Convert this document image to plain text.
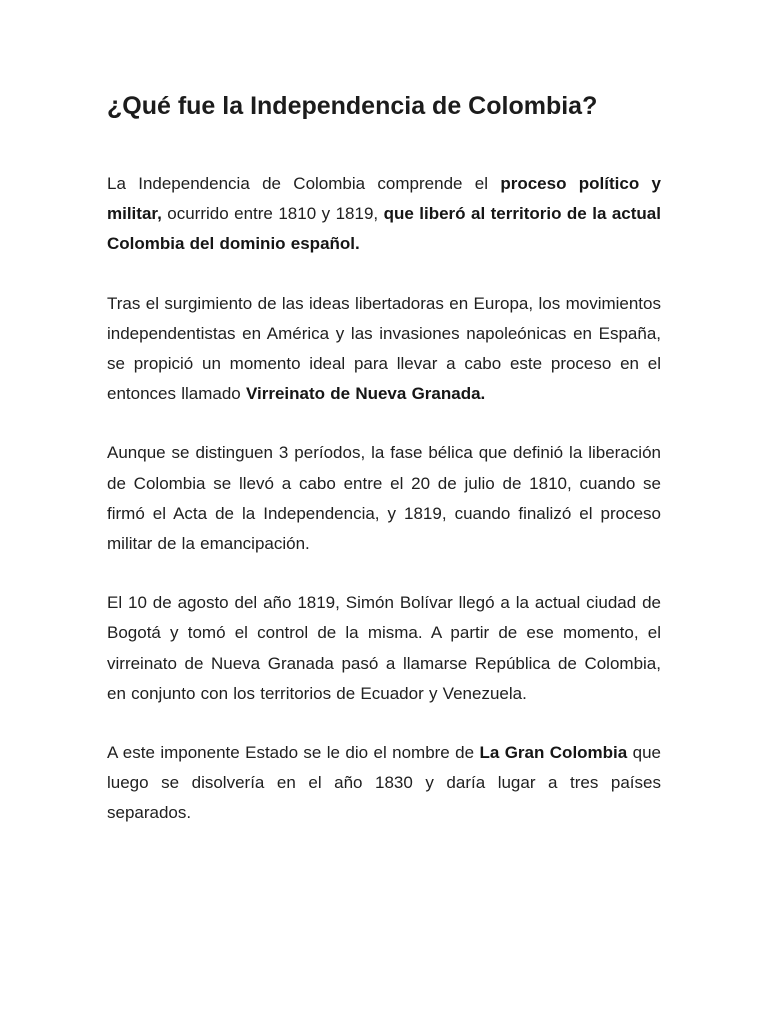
¿Qué fue la Independencia de Colombia?

La Independencia de Colombia comprende el proceso político y militar, ocurrido entre 1810 y 1819, que liberó al territorio de la actual Colombia del dominio español.

Tras el surgimiento de las ideas libertadoras en Europa, los movimientos independentistas en América y las invasiones napoleónicas en España, se propició un momento ideal para llevar a cabo este proceso en el entonces llamado Virreinato de Nueva Granada.

Aunque se distinguen 3 períodos, la fase bélica que definió la liberación de Colombia se llevó a cabo entre el 20 de julio de 1810, cuando se firmó el Acta de la Independencia, y 1819, cuando finalizó el proceso militar de la emancipación.

El 10 de agosto del año 1819, Simón Bolívar llegó a la actual ciudad de Bogotá y tomó el control de la misma. A partir de ese momento, el virreinato de Nueva Granada pasó a llamarse República de Colombia, en conjunto con los territorios de Ecuador y Venezuela.

A este imponente Estado se le dio el nombre de La Gran Colombia que luego se disolvería en el año 1830 y daría lugar a tres países separados.
